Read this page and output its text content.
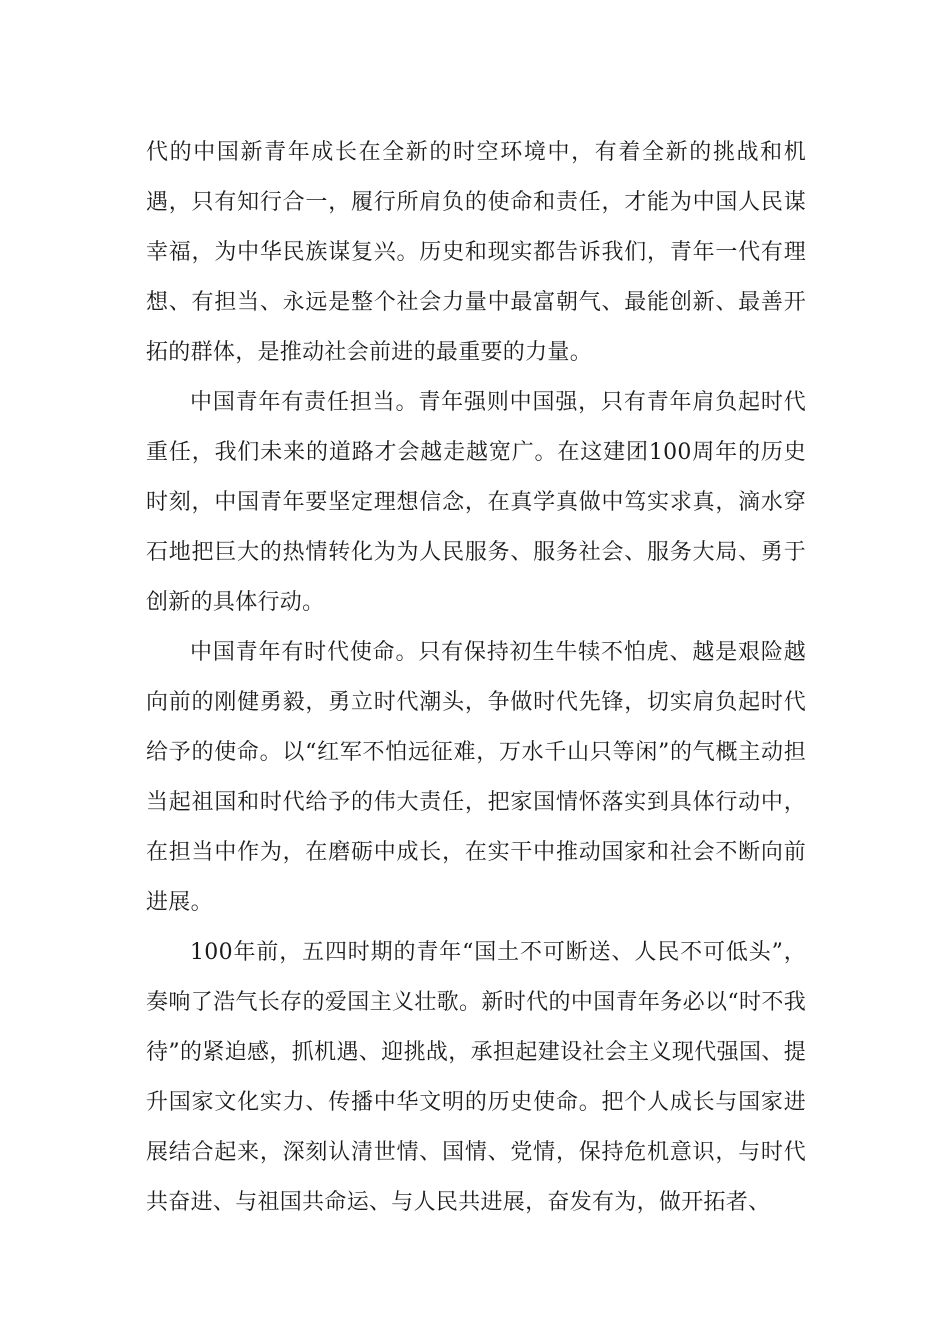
代的中国新青年成长在全新的时空环境中，有着全新的挑战和机遇，只有知行合一，履行所肩负的使命和责任，才能为中国人民谋幸福，为中华民族谋复兴。历史和现实都告诉我们，青年一代有理想、有担当、永远是整个社会力量中最富朝气、最能创新、最善开拓的群体，是推动社会前进的最重要的力量。

中国青年有责任担当。青年强则中国强，只有青年肩负起时代重任，我们未来的道路才会越走越宽广。在这建团100周年的历史时刻，中国青年要坚定理想信念，在真学真做中笃实求真，滴水穿石地把巨大的热情转化为为人民服务、服务社会、服务大局、勇于创新的具体行动。

中国青年有时代使命。只有保持初生牛犊不怕虎、越是艰险越向前的刚健勇毅，勇立时代潮头，争做时代先锋，切实肩负起时代给予的使命。以“红军不怕远征难，万水千山只等闲”的气概主动担当起祖国和时代给予的伟大责任，把家国情怀落实到具体行动中，在担当中作为，在磨砺中成长，在实干中推动国家和社会不断向前进展。

100年前，五四时期的青年“国土不可断送、人民不可低头”，奏响了浩气长存的爱国主义壮歌。新时代的中国青年务必以“时不我待”的紧迫感，抓机遇、迎挑战，承担起建设社会主义现代强国、提升国家文化实力、传播中华文明的历史使命。把个人成长与国家进展结合起来，深刻认清世情、国情、党情，保持危机意识，与时代共奋进、与祖国共命运、与人民共进展，奋发有为，做开拓者、
